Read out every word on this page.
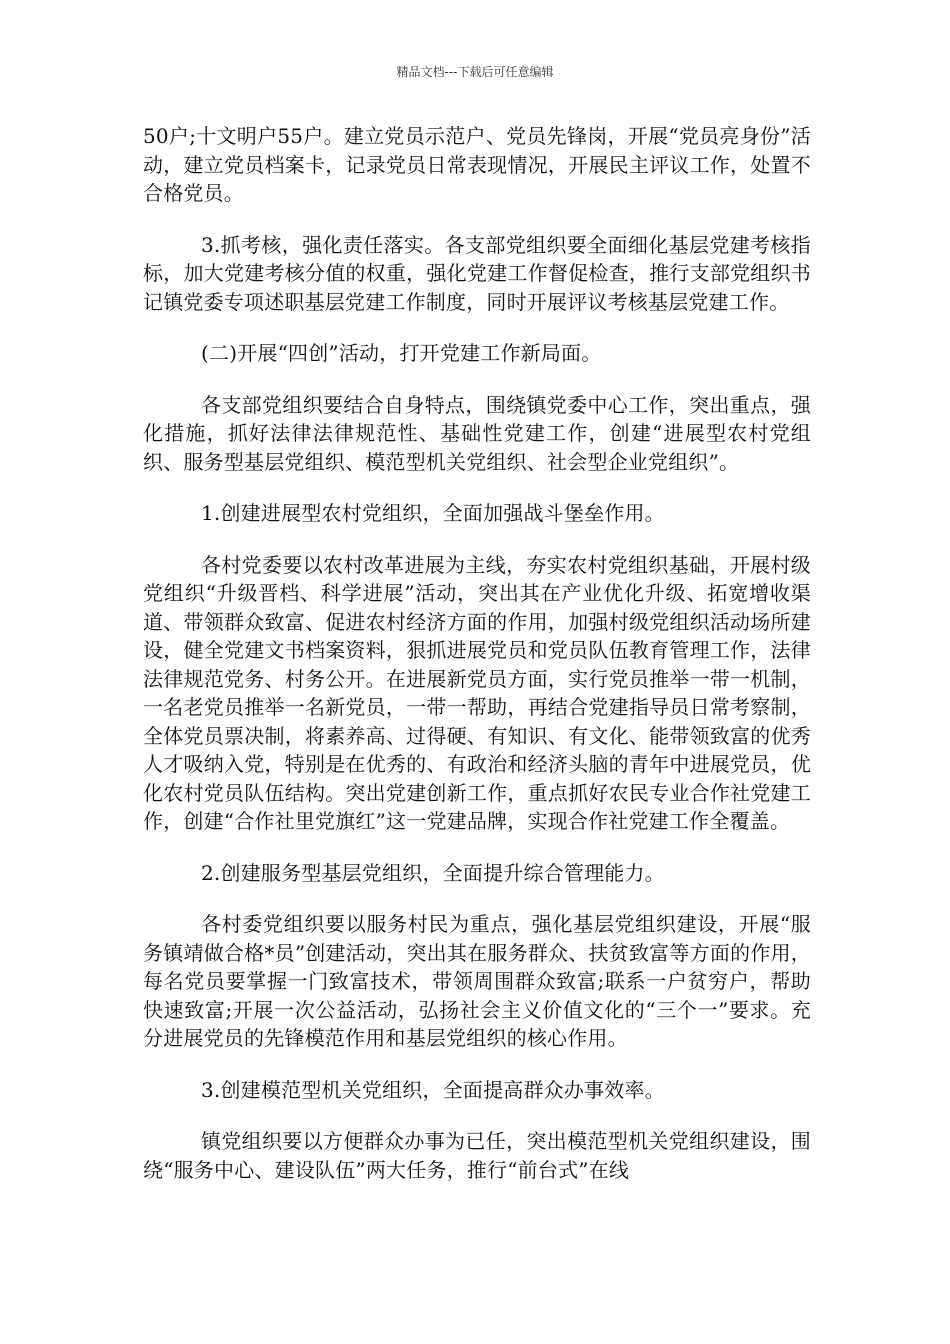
精品文档---下载后可任意编辑

50户;十文明户55户。建立党员示范户、党员先锋岗，开展“党员亮身份”活动，建立党员档案卡，记录党员日常表现情况，开展民主评议工作，处置不合格党员。

3.抓考核，强化责任落实。各支部党组织要全面细化基层党建考核指标，加大党建考核分值的权重，强化党建工作督促检查，推行支部党组织书记镇党委专项述职基层党建工作制度，同时开展评议考核基层党建工作。

(二)开展“四创”活动，打开党建工作新局面。

各支部党组织要结合自身特点，围绕镇党委中心工作，突出重点，强化措施，抓好法律法律规范性、基础性党建工作，创建“进展型农村党组织、服务型基层党组织、模范型机关党组织、社会型企业党组织”。

1.创建进展型农村党组织，全面加强战斗堡垒作用。

各村党委要以农村改革进展为主线，夯实农村党组织基础，开展村级党组织“升级晋档、科学进展”活动，突出其在产业优化升级、拓宽增收渠道、带领群众致富、促进农村经济方面的作用，加强村级党组织活动场所建设，健全党建文书档案资料，狠抓进展党员和党员队伍教育管理工作，法律法律规范党务、村务公开。在进展新党员方面，实行党员推举一带一机制，一名老党员推举一名新党员，一带一帮助，再结合党建指导员日常考察制，全体党员票决制，将素养高、过得硬、有知识、有文化、能带领致富的优秀人才吸纳入党，特别是在优秀的、有政治和经济头脑的青年中进展党员，优化农村党员队伍结构。突出党建创新工作，重点抓好农民专业合作社党建工作，创建“合作社里党旗红”这一党建品牌，实现合作社党建工作全覆盖。

2.创建服务型基层党组织，全面提升综合管理能力。

各村委党组织要以服务村民为重点，强化基层党组织建设，开展“服务镇靖做合格*员”创建活动，突出其在服务群众、扶贫致富等方面的作用，每名党员要掌握一门致富技术，带领周围群众致富;联系一户贫穷户，帮助快速致富;开展一次公益活动，弘扬社会主义价值文化的“三个一”要求。充分进展党员的先锋模范作用和基层党组织的核心作用。

3.创建模范型机关党组织，全面提高群众办事效率。

镇党组织要以方便群众办事为已任，突出模范型机关党组织建设，围绕“服务中心、建设队伍”两大任务，推行“前台式”在线
